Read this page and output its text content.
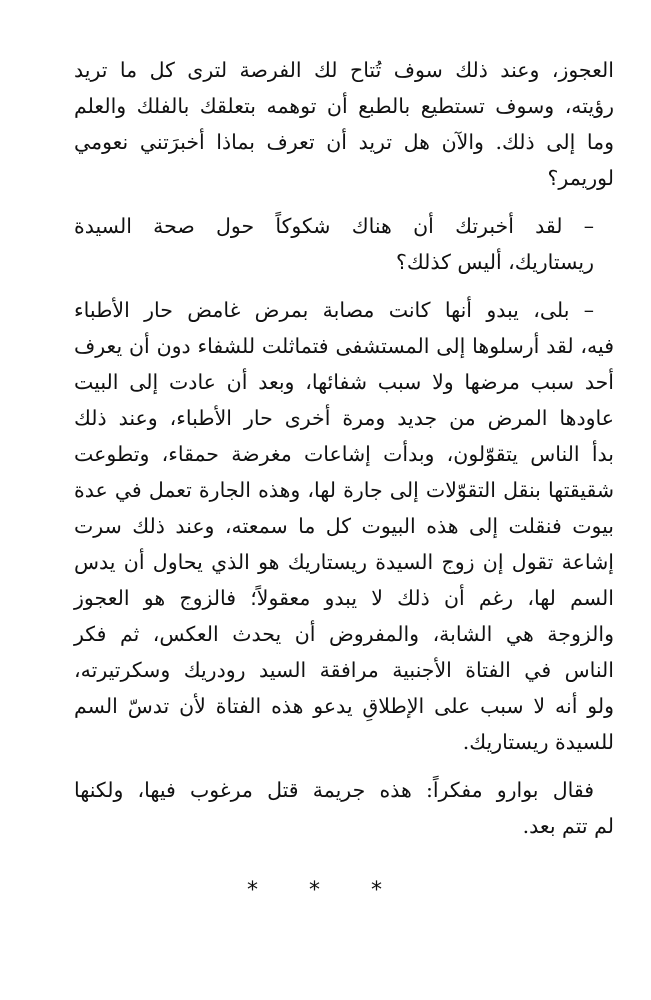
العجوز، وعند ذلك سوف تُتاح لك الفرصة لترى كل ما تريد
رؤيته، وسوف تستطيع بالطبع أن توهمه بتعلقك بالفلك والعلم
وما إلى ذلك. والآن هل تريد أن تعرف بماذا أخبرَتني نعومي
لوريمر؟
– لقد أخبرتك أن هناك شكوكاً حول صحة السيدة
ريستاريك، أليس كذلك؟
– بلى، يبدو أنها كانت مصابة بمرض غامض حار الأطباء
فيه، لقد أرسلوها إلى المستشفى فتماثلت للشفاء دون أن يعرف
أحد سبب مرضها ولا سبب شفائها، وبعد أن عادت إلى البيت
عاودها المرض من جديد ومرة أخرى حار الأطباء، وعند ذلك
بدأ الناس يتقوّلون، وبدأت إشاعات مغرضة حمقاء، وتطوعت
شقيقتها بنقل التقوّلات إلى جارة لها، وهذه الجارة تعمل في عدة
بيوت فنقلت إلى هذه البيوت كل ما سمعته، وعند ذلك سرت
إشاعة تقول إن زوج السيدة ريستاريك هو الذي يحاول أن يدس
السم لها، رغم أن ذلك لا يبدو معقولاً؛ فالزوج هو العجوز
والزوجة هي الشابة، والمفروض أن يحدث العكس، ثم فكر
الناس في الفتاة الأجنبية مرافقة السيد رودريك وسكرتيرته،
ولو أنه لا سبب على الإطلاقِ يدعو هذه الفتاة لأن تدسّ السم
للسيدة ريستاريك.
فقال بوارو مفكراً: هذه جريمة قتل مرغوب فيها، ولكنها
لم تتم بعد.
* * *
